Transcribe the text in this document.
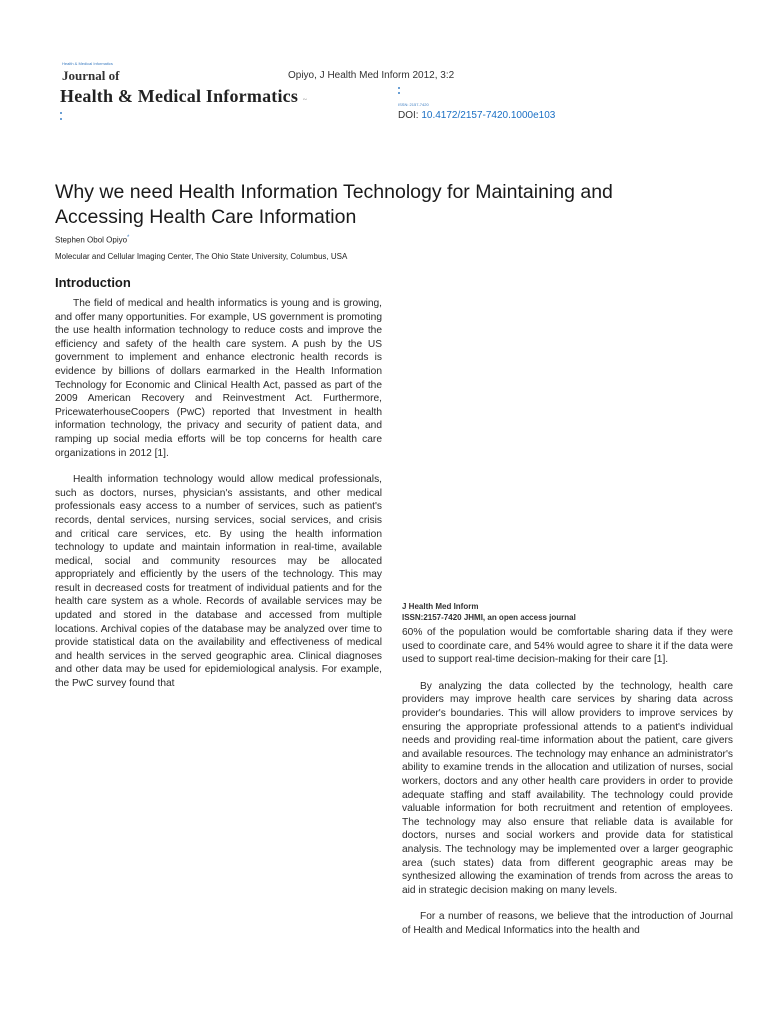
Health & Medical Informatics
Journal of
Health & Medical Informatics ~
Opiyo, J Health Med Inform 2012, 3:2
ISSN: 2157-7420
DOI: 10.4172/2157-7420.1000e103
Why we need Health Information Technology for Maintaining and Accessing Health Care Information
Stephen Obol Opiyo*
Molecular and Cellular Imaging Center, The Ohio State University, Columbus, USA
Introduction

The field of medical and health informatics is young and is growing, and offer many opportunities. For example, US government is promoting the use health information technology to reduce costs and improve the efficiency and safety of the health care system. A push by the US government to implement and enhance electronic health records is evidence by billions of dollars earmarked in the Health Information Technology for Economic and Clinical Health Act, passed as part of the 2009 American Recovery and Reinvestment Act. Furthermore, PricewaterhouseCoopers (PwC) reported that Investment in health information technology, the privacy and security of patient data, and ramping up social media efforts will be top concerns for health care organizations in 2012 [1].

Health information technology would allow medical professionals, such as doctors, nurses, physician's assistants, and other medical professionals easy access to a number of services, such as patient's records, dental services, nursing services, social services, and crisis and critical care services, etc. By using the health information technology to update and maintain information in real-time, available medical, social and community resources may be allocated appropriately and efficiently by the users of the technology. This may result in decreased costs for treatment of individual patients and for the health care system as a whole. Records of available services may be updated and stored in the database and accessed from multiple locations. Archival copies of the database may be analyzed over time to provide statistical data on the availability and effectiveness of medical and health services in the served geographic area. Clinical diagnoses and other data may be used for epidemiological analysis. For example, the PwC survey found that

J Health Med Inform
ISSN:2157-7420 JHMI, an open access journal

60% of the population would be comfortable sharing data if they were used to coordinate care, and 54% would agree to share it if the data were used to support real-time decision-making for their care [1].

By analyzing the data collected by the technology, health care providers may improve health care services by sharing data across provider's boundaries. This will allow providers to improve services by ensuring the appropriate professional attends to a patient's individual needs and providing real-time information about the patient, care givers and available resources. The technology may enhance an administrator's ability to examine trends in the allocation and utilization of nurses, social workers, doctors and any other health care providers in order to provide adequate staffing and staff availability. The technology could provide valuable information for both recruitment and retention of employees. The technology may also ensure that reliable data is available for doctors, nurses and social workers and provide data for statistical analysis. The technology may be implemented over a larger geographic area (such states) data from different geographic areas may be synthesized allowing the examination of trends from across the areas to aid in strategic decision making on many levels.

For a number of reasons, we believe that the introduction of Journal of Health and Medical Informatics into the health and
